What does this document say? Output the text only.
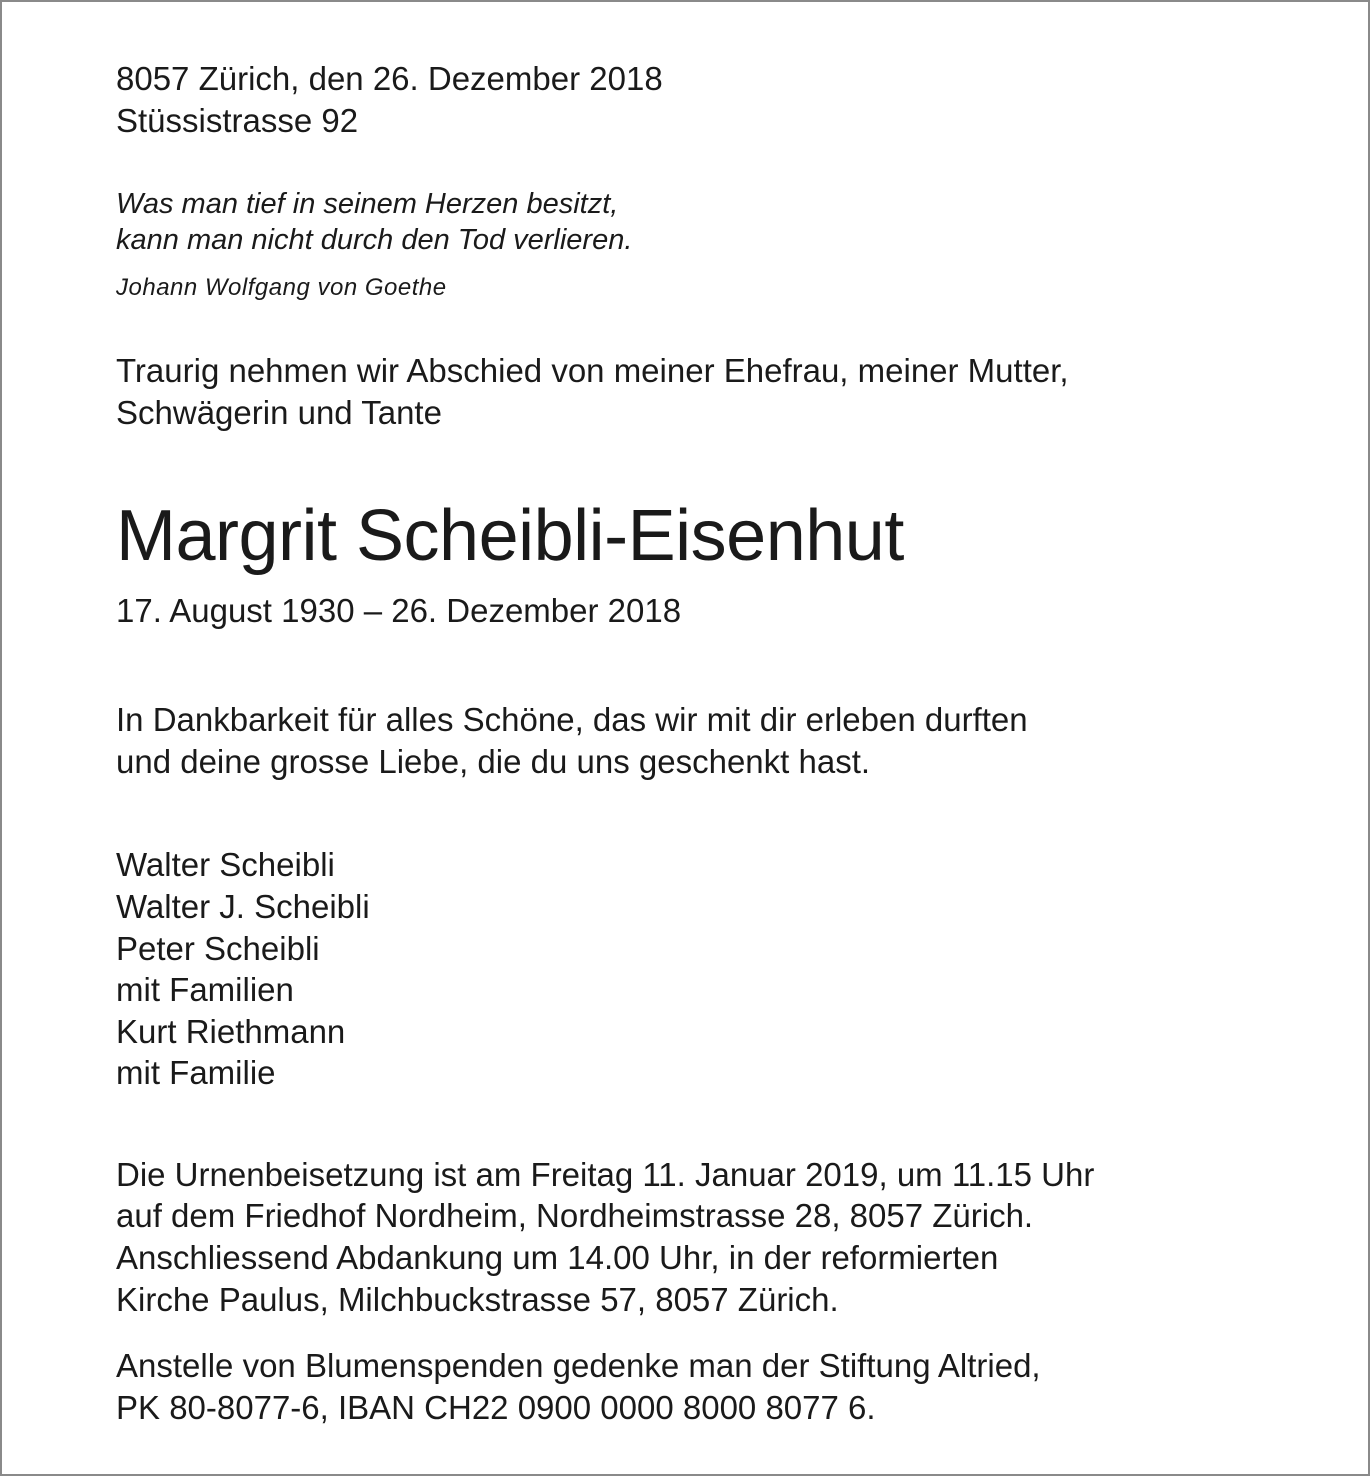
8057 Zürich, den 26. Dezember 2018
Stüssistrasse 92
Was man tief in seinem Herzen besitzt,
kann man nicht durch den Tod verlieren.
Johann Wolfgang von Goethe
Traurig nehmen wir Abschied von meiner Ehefrau, meiner Mutter,
Schwägerin und Tante
Margrit Scheibli-Eisenhut
17. August 1930 – 26. Dezember 2018
In Dankbarkeit für alles Schöne, das wir mit dir erleben durften
und deine grosse Liebe, die du uns geschenkt hast.
Walter Scheibli
Walter J. Scheibli
Peter Scheibli
mit Familien
Kurt Riethmann
mit Familie
Die Urnenbeisetzung ist am Freitag 11. Januar 2019, um 11.15 Uhr
auf dem Friedhof Nordheim, Nordheimstrasse 28, 8057 Zürich.
Anschliessend Abdankung um 14.00 Uhr, in der reformierten
Kirche Paulus, Milchbuckstrasse 57, 8057 Zürich.
Anstelle von Blumenspenden gedenke man der Stiftung Altried,
PK 80-8077-6, IBAN CH22 0900 0000 8000 8077 6.
